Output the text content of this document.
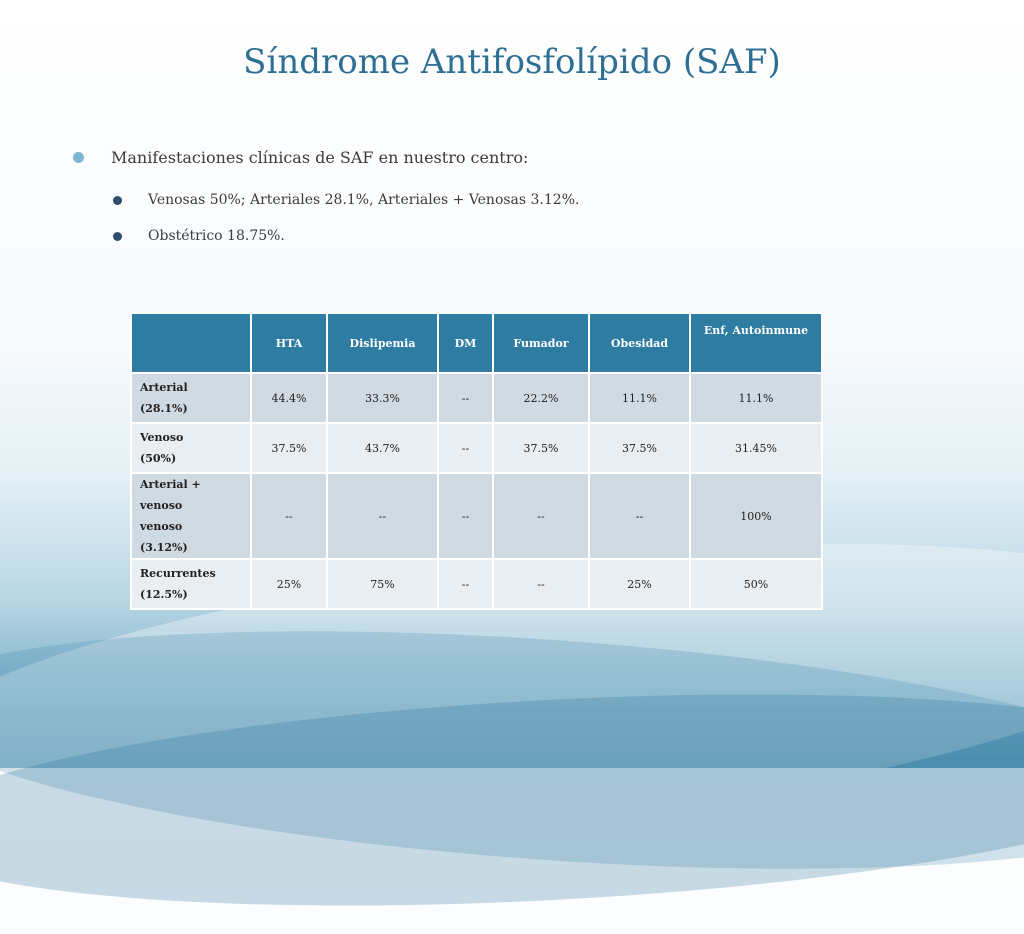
Síndrome Antifosfolípido (SAF)
Manifestaciones clínicas de SAF en nuestro centro:
Venosas 50%; Arteriales 28.1%, Arteriales + Venosas 3.12%.
Obstétrico 18.75%.
	HTA	Dislipemia	DM	Fumador	Obesidad	Enf, Autoinmune

Arterial
(28.1%)	44.4%	33.3%	--	22.2%	11.1%	11.1%

Venoso
(50%)	37.5%	43.7%	--	37.5%	37.5%	31.45%

Arterial + venoso
venoso
(3.12%)	--	--	--	--	--	100%

Recurrentes
(12.5%)	25%	75%	--	--	25%	50%
